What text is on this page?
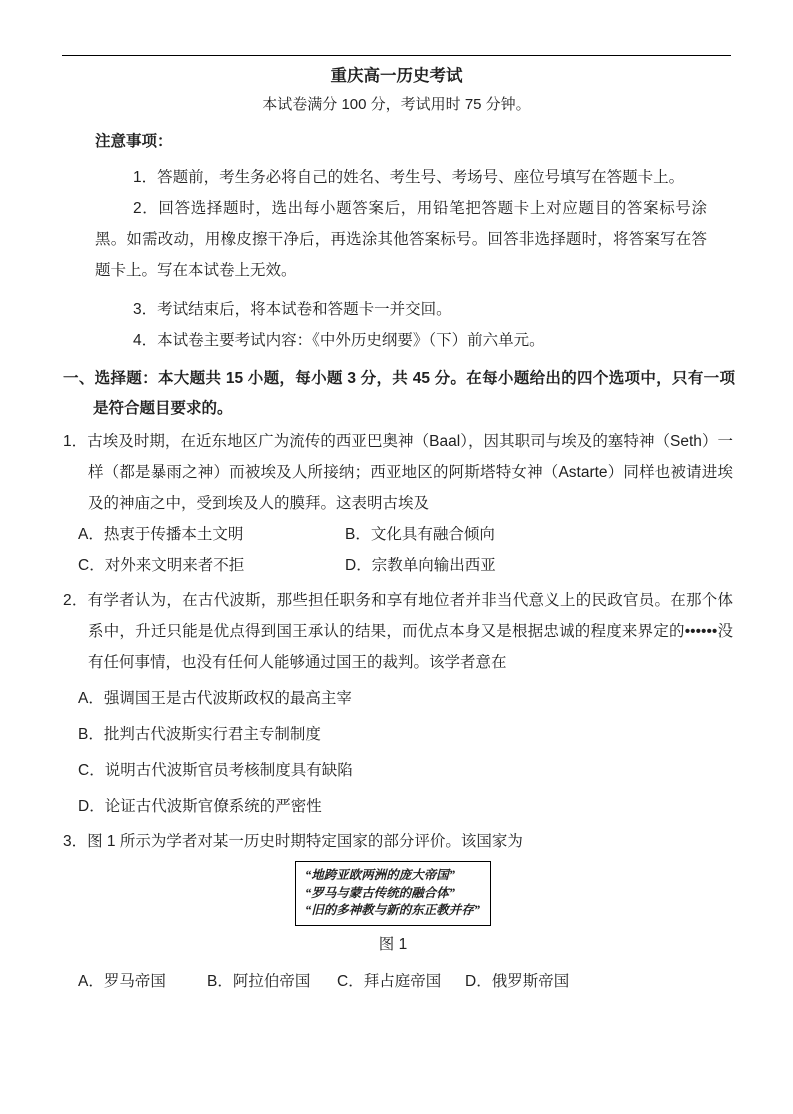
重庆高一历史考试
本试卷满分 100 分，考试用时 75 分钟。
注意事项：
1．答题前，考生务必将自己的姓名、考生号、考场号、座位号填写在答题卡上。
2．回答选择题时，选出每小题答案后，用铅笔把答题卡上对应题目的答案标号涂黑。如需改动，用橡皮擦干净后，再选涂其他答案标号。回答非选择题时，将答案写在答题卡上。写在本试卷上无效。
3．考试结束后，将本试卷和答题卡一并交回。
4．本试卷主要考试内容：《中外历史纲要》（下）前六单元。
一、选择题：本大题共 15 小题，每小题 3 分，共 45 分。在每小题给出的四个选项中，只有一项是符合题目要求的。
1．古埃及时期，在近东地区广为流传的西亚巴奥神（Baal），因其职司与埃及的塞特神（Seth）一样（都是暴雨之神）而被埃及人所接纳；西亚地区的阿斯塔特女神（Astarte）同样也被请进埃及的神庙之中，受到埃及人的膜拜。这表明古埃及
A．热衷于传播本土文明	B．文化具有融合倾向
C．对外来文明来者不拒	D．宗教单向输出西亚
2．有学者认为，在古代波斯，那些担任职务和享有地位者并非当代意义上的民政官员。在那个体系中，升迁只能是优点得到国王承认的结果，而优点本身又是根据忠诚的程度来界定的••••••没有任何事情，也没有任何人能够通过国王的裁判。该学者意在
A．强调国王是古代波斯政权的最高主宰
B．批判古代波斯实行君主专制制度
C．说明古代波斯官员考核制度具有缺陷
D．论证古代波斯官僚系统的严密性
3．图 1 所示为学者对某一历史时期特定国家的部分评价。该国家为
“地跨亚欧两洲的庞大帝国”
“罗马与蒙古传统的融合体”
“旧的多神教与新的东正教并存”
图 1
A．罗马帝国	B．阿拉伯帝国 C．拜占庭帝国 D．俄罗斯帝国
